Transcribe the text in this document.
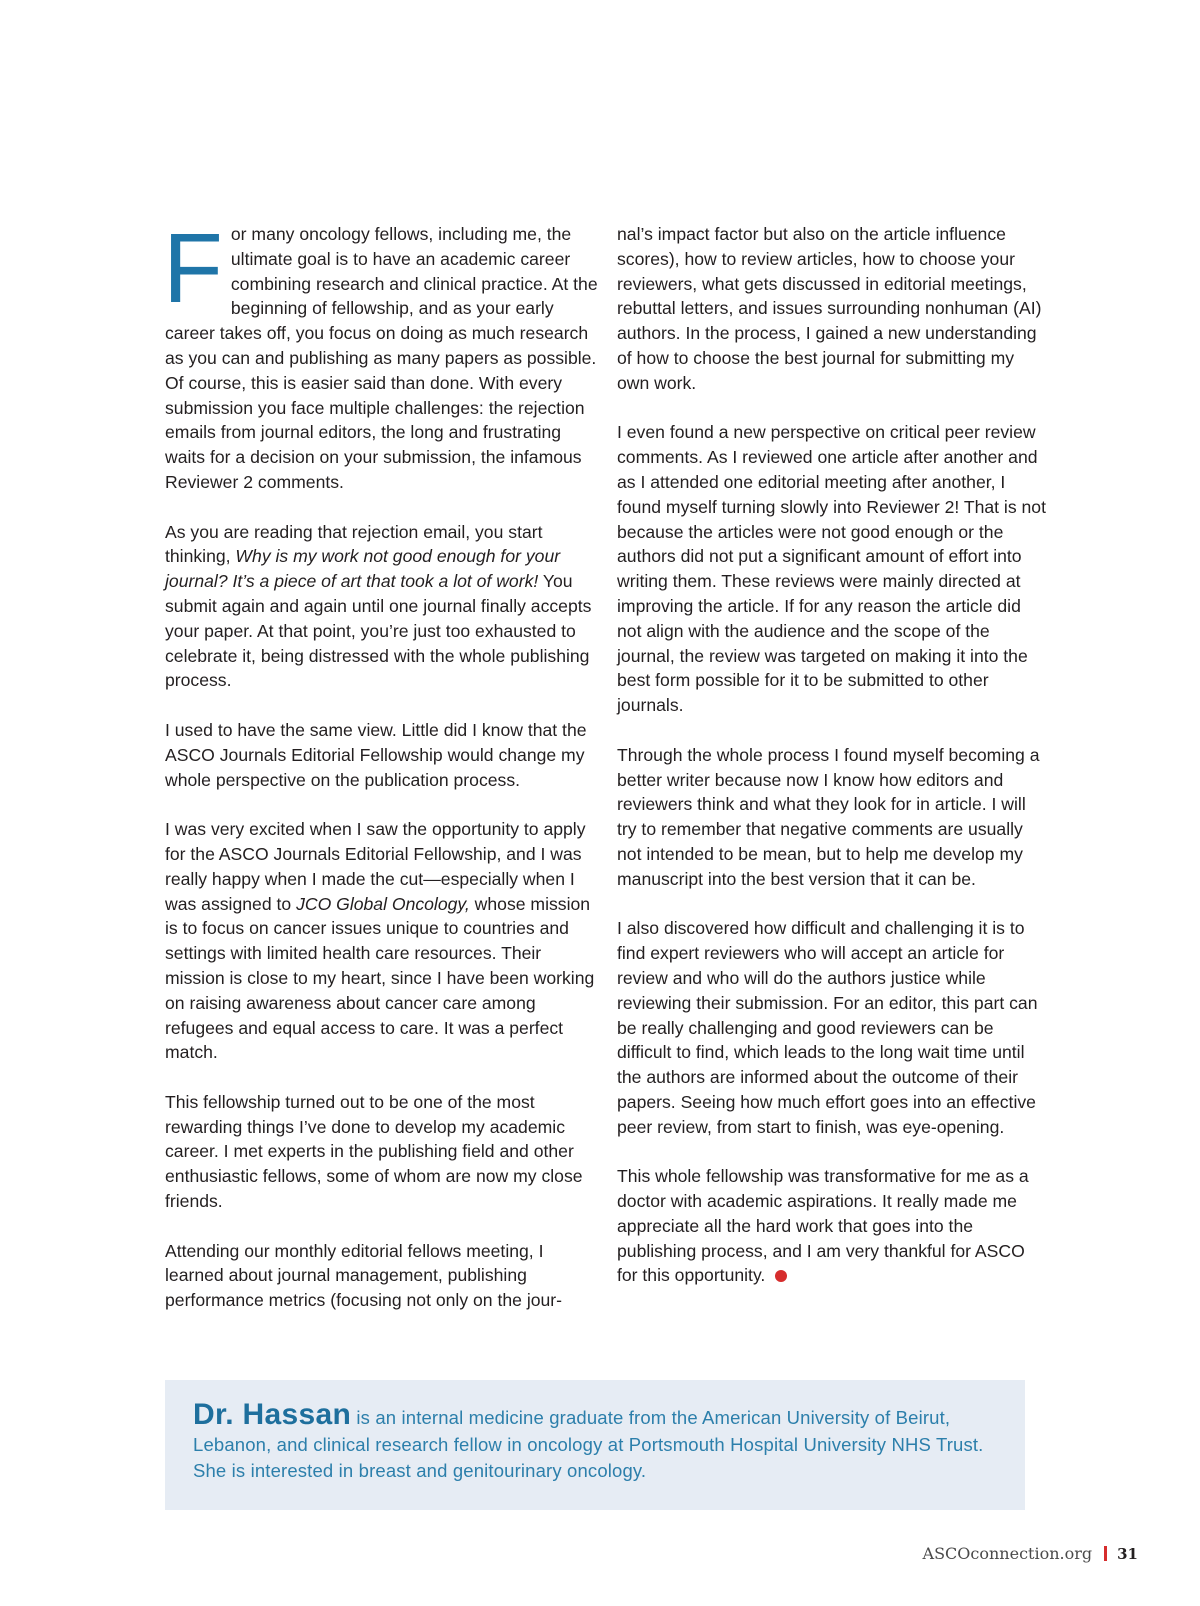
For many oncology fellows, including me, the ultimate goal is to have an academic career combining research and clinical practice. At the beginning of fellowship, and as your early career takes off, you focus on doing as much research as you can and publishing as many papers as possible. Of course, this is easier said than done. With every submission you face multiple challenges: the rejection emails from journal editors, the long and frustrating waits for a decision on your submission, the infamous Reviewer 2 comments.

As you are reading that rejection email, you start thinking, Why is my work not good enough for your journal? It’s a piece of art that took a lot of work! You submit again and again until one journal finally accepts your paper. At that point, you’re just too exhausted to celebrate it, being distressed with the whole publishing process.

I used to have the same view. Little did I know that the ASCO Journals Editorial Fellowship would change my whole perspective on the publication process.

I was very excited when I saw the opportunity to apply for the ASCO Journals Editorial Fellowship, and I was really happy when I made the cut—especially when I was assigned to JCO Global Oncology, whose mission is to focus on cancer issues unique to countries and settings with limited health care resources. Their mission is close to my heart, since I have been working on raising awareness about cancer care among refugees and equal access to care. It was a perfect match.

This fellowship turned out to be one of the most rewarding things I’ve done to develop my academic career. I met experts in the publishing field and other enthusiastic fellows, some of whom are now my close friends.

Attending our monthly editorial fellows meeting, I learned about journal management, publishing performance metrics (focusing not only on the jour-

nal’s impact factor but also on the article influence scores), how to review articles, how to choose your reviewers, what gets discussed in editorial meetings, rebuttal letters, and issues surrounding nonhuman (AI) authors. In the process, I gained a new understanding of how to choose the best journal for submitting my own work.

I even found a new perspective on critical peer review comments. As I reviewed one article after another and as I attended one editorial meeting after another, I found myself turning slowly into Reviewer 2! That is not because the articles were not good enough or the authors did not put a significant amount of effort into writing them. These reviews were mainly directed at improving the article. If for any reason the article did not align with the audience and the scope of the journal, the review was targeted on making it into the best form possible for it to be submitted to other journals.

Through the whole process I found myself becoming a better writer because now I know how editors and reviewers think and what they look for in article. I will try to remember that negative comments are usually not intended to be mean, but to help me develop my manuscript into the best version that it can be.

I also discovered how difficult and challenging it is to find expert reviewers who will accept an article for review and who will do the authors justice while reviewing their submission. For an editor, this part can be really challenging and good reviewers can be difficult to find, which leads to the long wait time until the authors are informed about the outcome of their papers. Seeing how much effort goes into an effective peer review, from start to finish, was eye-opening.

This whole fellowship was transformative for me as a doctor with academic aspirations. It really made me appreciate all the hard work that goes into the publishing process, and I am very thankful for ASCO for this opportunity.

Dr. Hassan is an internal medicine graduate from the American University of Beirut, Lebanon, and clinical research fellow in oncology at Portsmouth Hospital University NHS Trust. She is interested in breast and genitourinary oncology.
ASCOconnection.org 31
